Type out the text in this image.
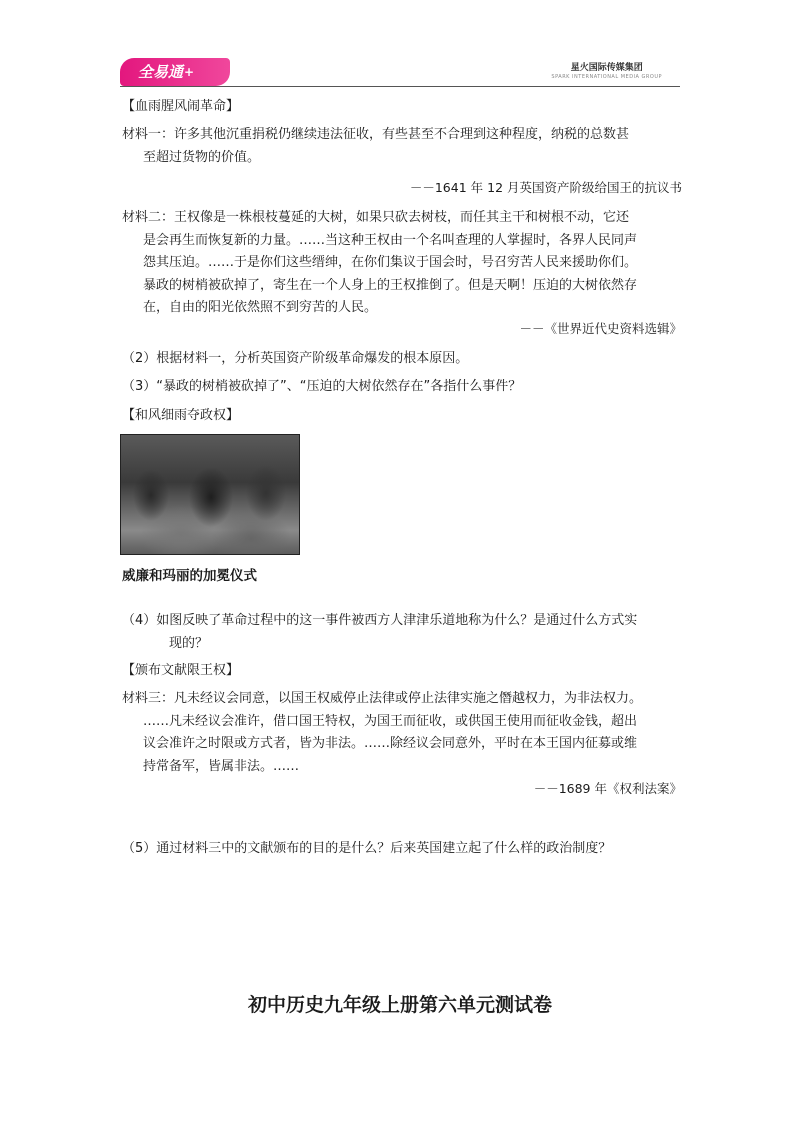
全易通+	星火国际传媒集团
SPARK INTERNATIONAL MEDIA GROUP
【血雨腥风闹革命】
材料一：许多其他沉重捐税仍继续违法征收，有些甚至不合理到这种程度，纳税的总数甚
至超过货物的价值。
－－1641 年 12 月英国资产阶级给国王的抗议书
材料二：王权像是一株根枝蔓延的大树，如果只砍去树枝，而任其主干和树根不动，它还
是会再生而恢复新的力量。……当这种王权由一个名叫查理的人掌握时，各界人民同声
怨其压迫。……于是你们这些缙绅，在你们集议于国会时，号召穷苦人民来援助你们。
暴政的树梢被砍掉了，寄生在一个人身上的王权推倒了。但是天啊！压迫的大树依然存
在，自由的阳光依然照不到穷苦的人民。
－－《世界近代史资料选辑》
（2）根据材料一，分析英国资产阶级革命爆发的根本原因。
（3）“暴政的树梢被砍掉了”、“压迫的大树依然存在”各指什么事件？
【和风细雨夺政权】
威廉和玛丽的加冕仪式
（4）如图反映了革命过程中的这一事件被西方人津津乐道地称为什么？是通过什么方式实
现的？
【颁布文献限王权】
材料三：凡未经议会同意，以国王权威停止法律或停止法律实施之僭越权力，为非法权力。
……凡未经议会准许，借口国王特权，为国王而征收，或供国王使用而征收金钱，超出
议会准许之时限或方式者，皆为非法。……除经议会同意外，平时在本王国内征募或维
持常备军，皆属非法。……
－－1689 年《权利法案》
（5）通过材料三中的文献颁布的目的是什么？后来英国建立起了什么样的政治制度？
初中历史九年级上册第六单元测试卷
